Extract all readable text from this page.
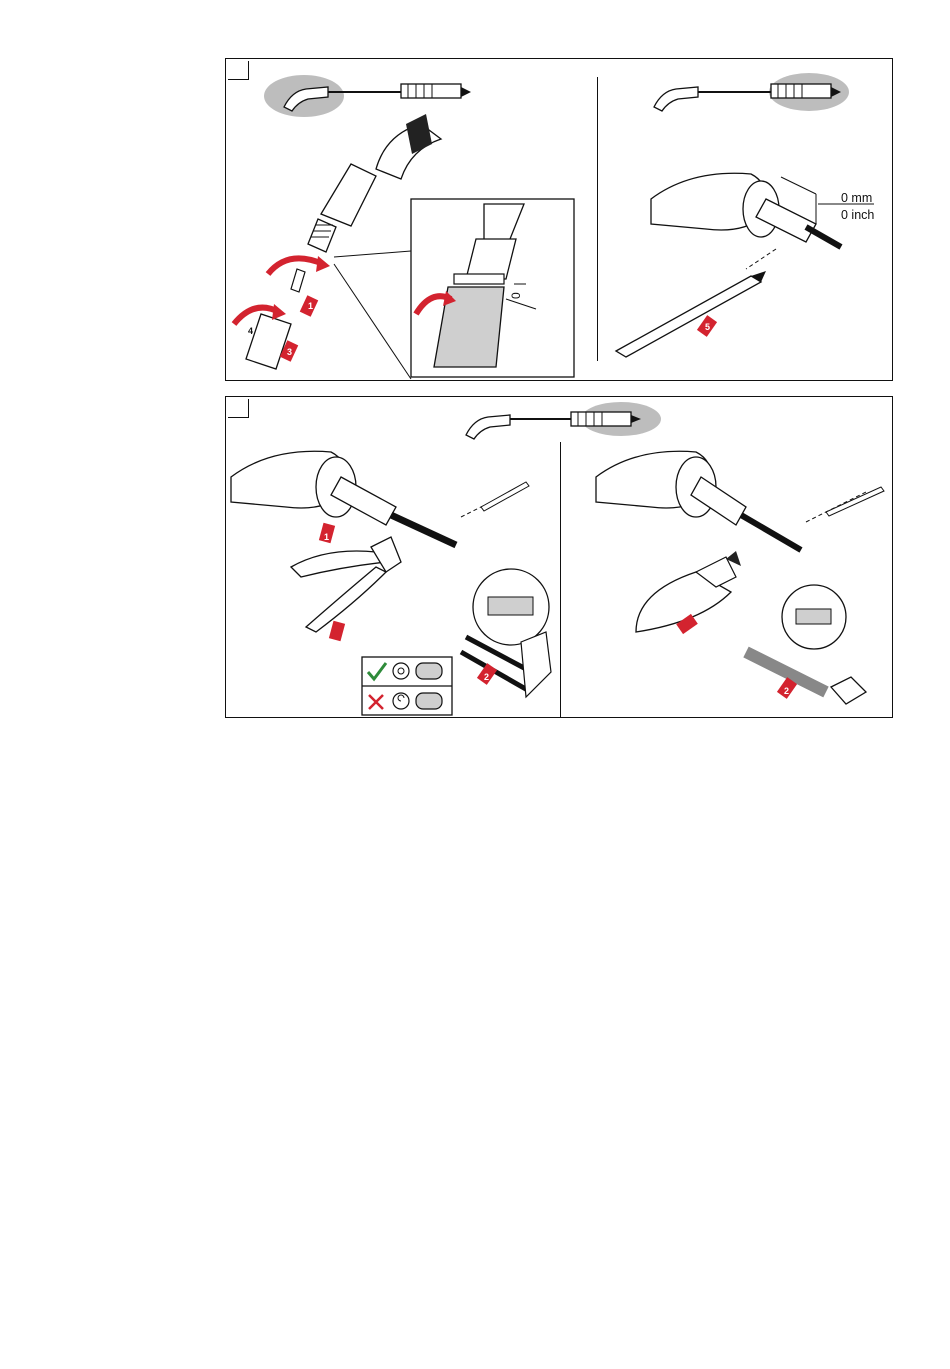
1
3
4	5
0
0 mm
0 inch
1
2
2
